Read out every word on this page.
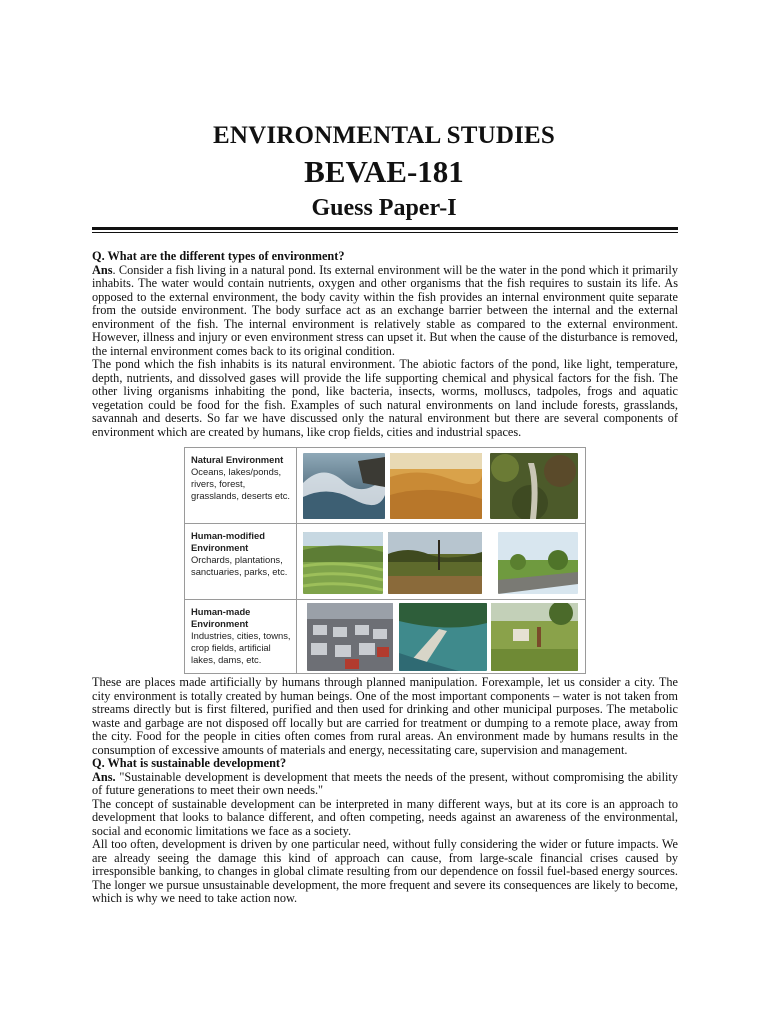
ENVIRONMENTAL STUDIES
BEVAE-181
Guess Paper-I

Q. What are the different types of environment?

Ans. Consider a fish living in a natural pond. Its external environment will be the water in the pond which it primarily inhabits. The water would contain nutrients, oxygen and other organisms that the fish requires to sustain its life. As opposed to the external environment, the body cavity within the fish provides an internal environment quite separate from the outside environment. The body surface act as an exchange barrier between the internal and the external environment of the fish. The internal environment is relatively stable as compared to the external environment. However, illness and injury or even environment stress can upset it. But when the cause of the disturbance is removed, the internal environment comes back to its original condition.

The pond which the fish inhabits is its natural environment. The abiotic factors of the pond, like light, temperature, depth, nutrients, and dissolved gases will provide the life supporting chemical and physical factors for the fish. The other living organisms inhabiting the pond, like bacteria, insects, worms, molluscs, tadpoles, frogs and aquatic vegetation could be food for the fish. Examples of such natural environments on land include forests, grasslands, savannah and deserts. So far we have discussed only the natural environment but there are several components of environment which are created by humans, like crop fields, cities and industrial spaces.

Natural Environment
Oceans, lakes/ponds, rivers, forest, grasslands, deserts etc.
Human-modified Environment
Orchards, plantations, sanctuaries, parks, etc.
Human-made Environment
Industries, cities, towns, crop fields, artificial lakes, dams, etc.

These are places made artificially by humans through planned manipulation. Forexample, let us consider a city. The city environment is totally created by human beings. One of the most important components – water is not taken from streams directly but is first filtered, purified and then used for drinking and other municipal purposes. The metabolic waste and garbage are not disposed off locally but are carried for treatment or dumping to a remote place, away from the city. Food for the people in cities often comes from rural areas. An environment made by humans results in the consumption of excessive amounts of materials and energy, necessitating care, supervision and management.

Q. What is sustainable development?

Ans. "Sustainable development is development that meets the needs of the present, without compromising the ability of future generations to meet their own needs."

The concept of sustainable development can be interpreted in many different ways, but at its core is an approach to development that looks to balance different, and often competing, needs against an awareness of the environmental, social and economic limitations we face as a society.

All too often, development is driven by one particular need, without fully considering the wider or future impacts. We are already seeing the damage this kind of approach can cause, from large-scale financial crises caused by irresponsible banking, to changes in global climate resulting from our dependence on fossil fuel-based energy sources. The longer we pursue unsustainable development, the more frequent and severe its consequences are likely to become, which is why we need to take action now.
